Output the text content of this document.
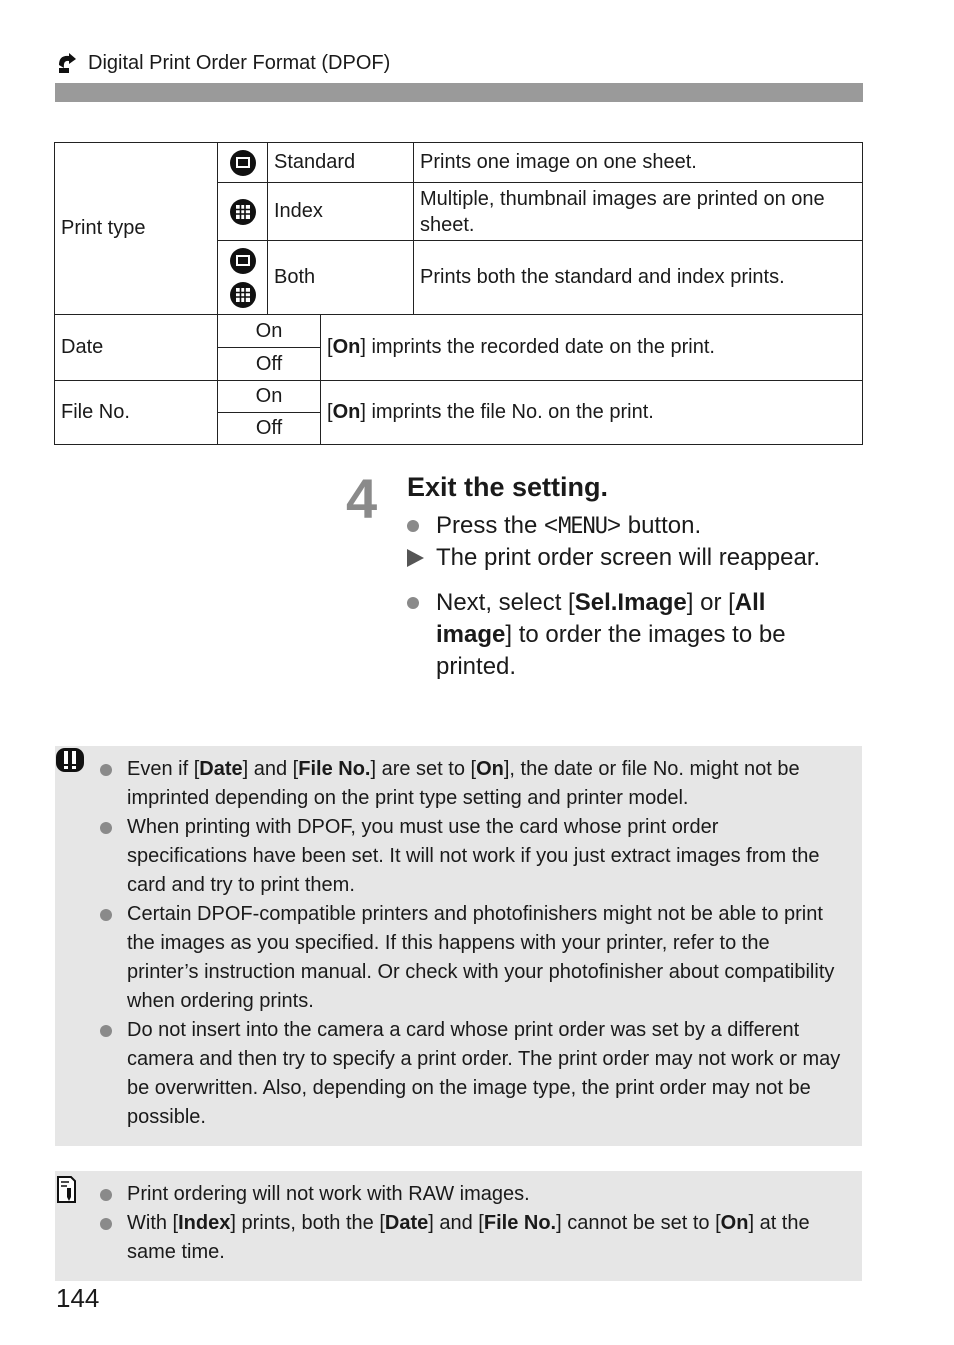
Digital Print Order Format (DPOF)
Print type
Standard	Prints one image on one sheet.
Index
Multiple, thumbnail images are printed on one sheet.
Both	Prints both the standard and index prints.
Date
On
Off
[ On ] imprints the recorded date on the print.
File No.
On
Off
[ On ] imprints the file No. on the print.
4 Exit the setting.
Press the <MENU> button.
The print order screen will reappear.
Next, select [Sel.Image] or [All image] to order the images to be printed.
Even if [Date] and [File No.] are set to [On], the date or file No. might not be imprinted depending on the print type setting and printer model.
When printing with DPOF, you must use the card whose print order specifications have been set. It will not work if you just extract images from the card and try to print them.
Certain DPOF-compatible printers and photofinishers might not be able to print the images as you specified. If this happens with your printer, refer to the printer’s instruction manual. Or check with your photofinisher about compatibility when ordering prints.
Do not insert into the camera a card whose print order was set by a different camera and then try to specify a print order. The print order may not work or may be overwritten. Also, depending on the image type, the print order may not be possible.
Print ordering will not work with RAW images.
With [Index] prints, both the [Date] and [File No.] cannot be set to [On] at the same time.
144
